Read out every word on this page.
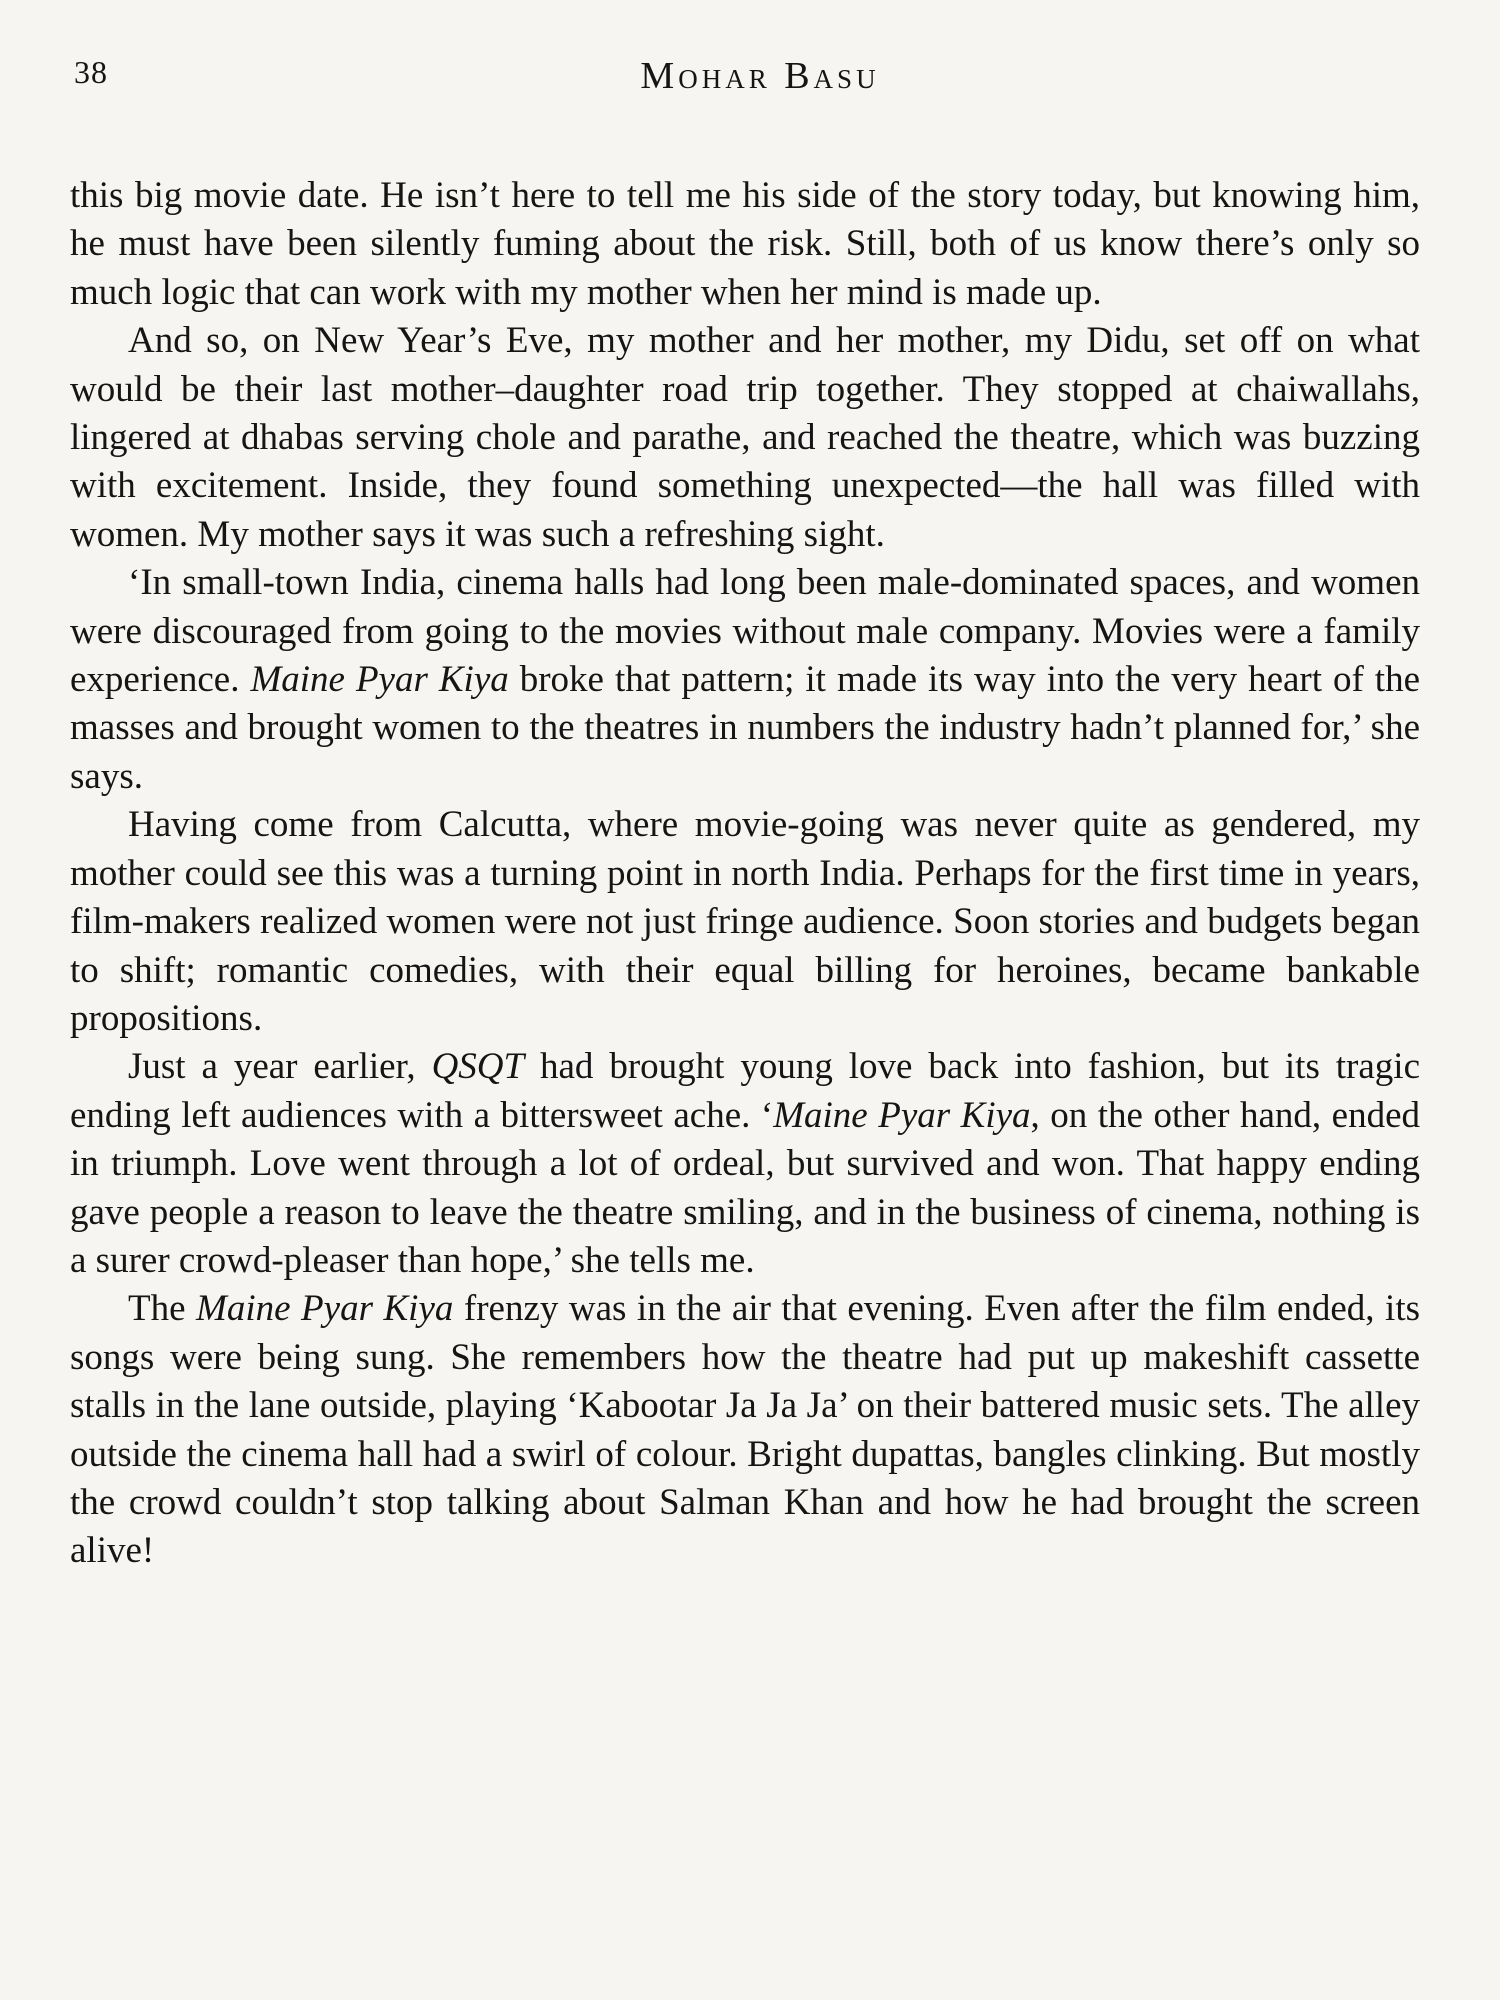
38	Mohar Basu

this big movie date. He isn’t here to tell me his side of the story today, but knowing him, he must have been silently fuming about the risk. Still, both of us know there’s only so much logic that can work with my mother when her mind is made up.

And so, on New Year’s Eve, my mother and her mother, my Didu, set off on what would be their last mother–daughter road trip together. They stopped at chaiwallahs, lingered at dhabas serving chole and parathe, and reached the theatre, which was buzzing with excitement. Inside, they found something unexpected—the hall was filled with women. My mother says it was such a refreshing sight.

‘In small-town India, cinema halls had long been male-dominated spaces, and women were discouraged from going to the movies without male company. Movies were a family experience. Maine Pyar Kiya broke that pattern; it made its way into the very heart of the masses and brought women to the theatres in numbers the industry hadn’t planned for,’ she says.

Having come from Calcutta, where movie-going was never quite as gendered, my mother could see this was a turning point in north India. Perhaps for the first time in years, film-makers realized women were not just fringe audience. Soon stories and budgets began to shift; romantic comedies, with their equal billing for heroines, became bankable propositions.

Just a year earlier, QSQT had brought young love back into fashion, but its tragic ending left audiences with a bittersweet ache. ‘Maine Pyar Kiya, on the other hand, ended in triumph. Love went through a lot of ordeal, but survived and won. That happy ending gave people a reason to leave the theatre smiling, and in the business of cinema, nothing is a surer crowd-pleaser than hope,’ she tells me.

The Maine Pyar Kiya frenzy was in the air that evening. Even after the film ended, its songs were being sung. She remembers how the theatre had put up makeshift cassette stalls in the lane outside, playing ‘Kabootar Ja Ja Ja’ on their battered music sets. The alley outside the cinema hall had a swirl of colour. Bright dupattas, bangles clinking. But mostly the crowd couldn’t stop talking about Salman Khan and how he had brought the screen alive!
